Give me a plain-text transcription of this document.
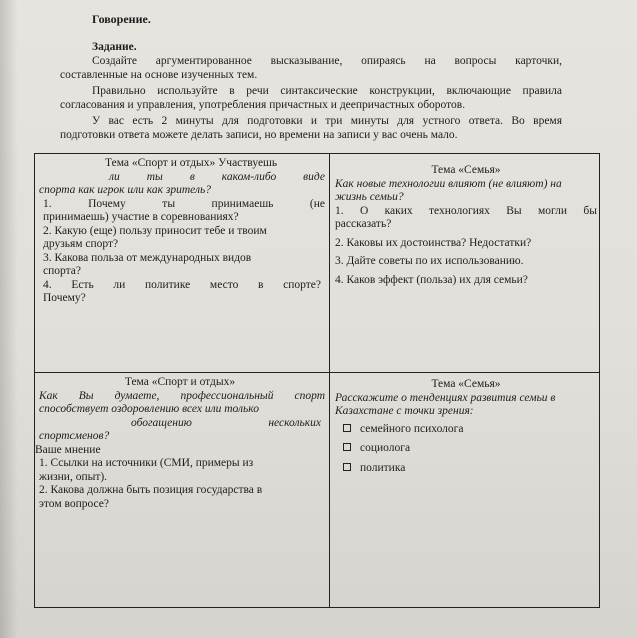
Говорение.
Задание.
Создайте аргументированное высказывание, опираясь на вопросы карточки,
составленные на основе изученных тем.
Правильно используйте в речи синтаксические конструкции, включающие правила
согласования и управления, употребления причастных и деепричастных оборотов.
У вас есть 2 минуты для подготовки и три минуты для устного ответа. Во время
подготовки ответа можете делать записи, но времени на записи у вас очень мало.
Тема «Спорт и отдых» Участвуешь
ли ты в каком-либо виде
спорта как игрок или как зритель?
1. Почему ты принимаешь (не
принимаешь) участие в соревнованиях?
2. Какую (еще) пользу приносит тебе и твоим
друзьям спорт?
3. Какова польза от международных видов
спорта?
4. Есть ли политике место в спорте?
Почему?
Тема «Семья»
Как новые технологии влияют (не влияют) на
жизнь семьи?
1. О каких технологиях Вы могли бы
рассказать?
2. Каковы их достоинства? Недостатки?
3. Дайте советы по их использованию.
4. Каков эффект (польза) их для семьи?
Тема «Спорт и отдых»
Как Вы думаете, профессиональный спорт
способствует оздоровлению всех или только
обогащению нескольких
спортсменов?
Ваше мнение
1. Ссылки на источники (СМИ, примеры из
жизни, опыт).
2. Какова должна быть позиция государства в
этом вопросе?
Тема «Семья»
Расскажите о тенденциях развития семьи в
Казахстане с точки зрения:
семейного психолога
социолога
политика
